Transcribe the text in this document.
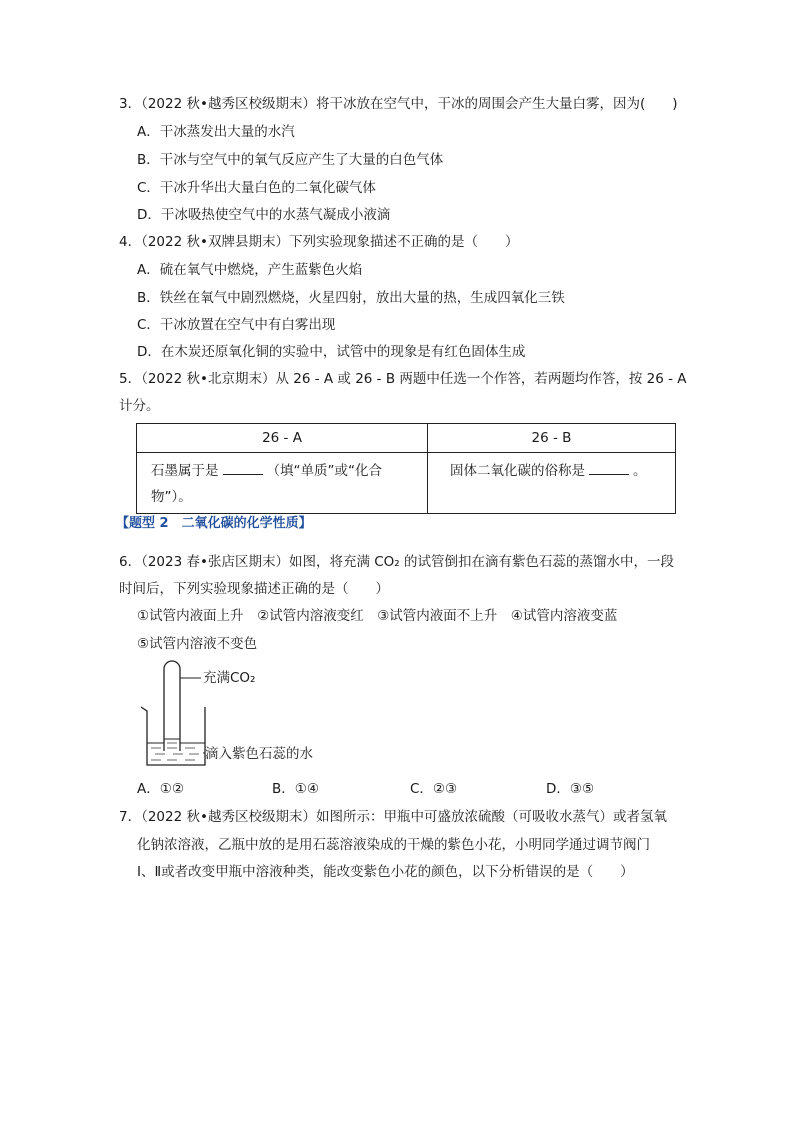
3．（2022 秋•越秀区校级期末）将干冰放在空气中，干冰的周围会产生大量白雾，因为(　　)
A．干冰蒸发出大量的水汽
B．干冰与空气中的氧气反应产生了大量的白色气体
C．干冰升华出大量白色的二氧化碳气体
D．干冰吸热使空气中的水蒸气凝成小液滴
4．（2022 秋•双牌县期末）下列实验现象描述不正确的是（　　）
A．硫在氧气中燃烧，产生蓝紫色火焰
B．铁丝在氧气中剧烈燃烧，火星四射，放出大量的热，生成四氧化三铁
C．干冰放置在空气中有白雾出现
D．在木炭还原氧化铜的实验中，试管中的现象是有红色固体生成
5．（2022 秋•北京期末）从 26 - A 或 26 - B 两题中任选一个作答，若两题均作答，按 26 - A
计分。
26 - A	26 - B

石墨属于是 （填“单质”或“化合物”）。	固体二氧化碳的俗称是 。
【题型 2　二氧化碳的化学性质】
6．（2023 春•张店区期末）如图，将充满 CO₂ 的试管倒扣在滴有紫色石蕊的蒸馏水中，一段
时间后，下列实验现象描述正确的是（　　）
①试管内液面上升　②试管内溶液变红　③试管内液面不上升　④试管内溶液变蓝
⑤试管内溶液不变色
充满CO₂
滴入紫色石蕊的水
A．①②	B．①④	C．②③	D．③⑤
7．（2022 秋•越秀区校级期末）如图所示：甲瓶中可盛放浓硫酸（可吸收水蒸气）或者氢氧
化钠浓溶液，乙瓶中放的是用石蕊溶液染成的干燥的紫色小花，小明同学通过调节阀门
Ⅰ、Ⅱ或者改变甲瓶中溶液种类，能改变紫色小花的颜色，以下分析错误的是（　　）
